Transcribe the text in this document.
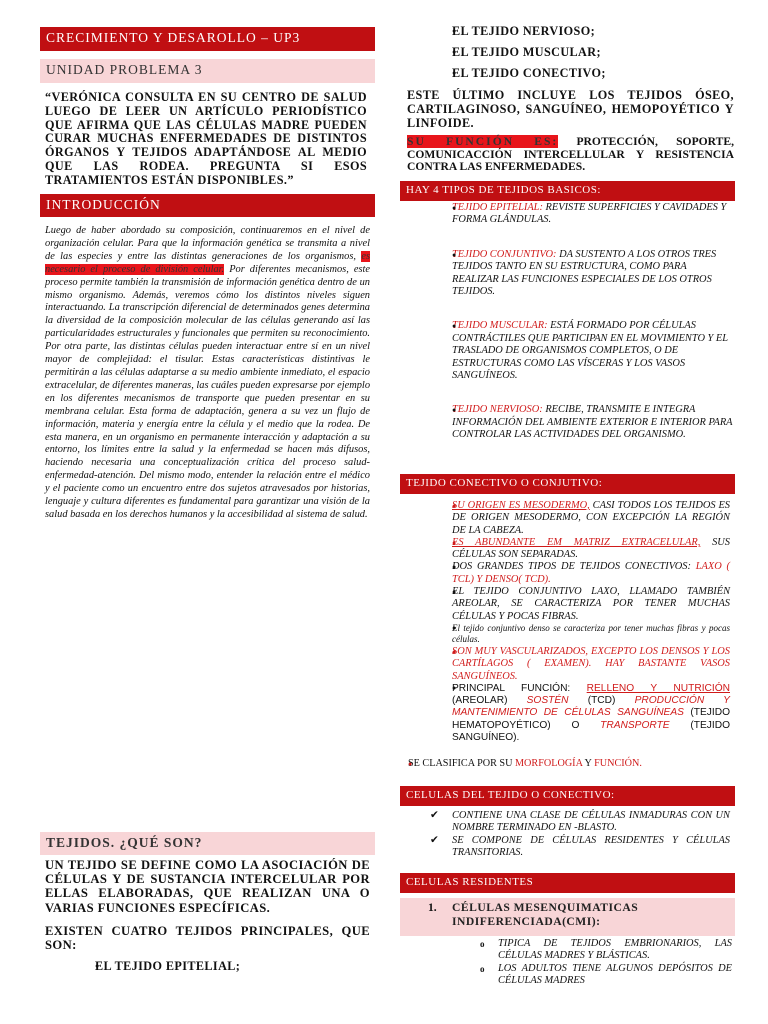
CRECIMIENTO Y DESAROLLO – UP3
UNIDAD PROBLEMA 3
“VERÓNICA CONSULTA EN SU CENTRO DE SALUD LUEGO DE LEER UN ARTÍCULO PERIODÍSTICO QUE AFIRMA QUE LAS CÉLULAS MADRE PUEDEN CURAR MUCHAS ENFERMEDADES DE DISTINTOS ÓRGANOS Y TEJIDOS ADAPTÁNDOSE AL MEDIO QUE LAS RODEA. PREGUNTA SI ESOS TRATAMIENTOS ESTÁN DISPONIBLES.”
INTRODUCCIÓN

Luego de haber abordado su composición, continuaremos en el nivel de organización celular. Para que la información genética se transmita a nivel de las especies y entre las distintas generaciones de los organismos, es necesario el proceso de división celular. Por diferentes mecanismos, este proceso permite también la transmisión de información genética dentro de un mismo organismo. Además, veremos cómo los distintos niveles siguen interactuando. La transcripción diferencial de determinados genes determina la diversidad de la composición molecular de las células generando así las particularidades estructurales y funcionales que permiten su reconocimiento. Por otra parte, las distintas células pueden interactuar entre sí en un nivel mayor de complejidad: el tisular. Estas características distintivas le permitirán a las células adaptarse a su medio ambiente inmediato, el espacio extracelular, de diferentes maneras, las cuáles pueden expresarse por ejemplo en los diferentes mecanismos de transporte que pueden presentar en su membrana celular. Esta forma de adaptación, genera a su vez un flujo de información, materia y energía entre la célula y el medio que la rodea. De esta manera, en un organismo en permanente interacción y adaptación a su entorno, los límites entre la salud y la enfermedad se hacen más difusos, haciendo necesaria una conceptualización crítica del proceso salud-enfermedad-atención. Del mismo modo, entender la relación entre el médico y el paciente como un encuentro entre dos sujetos atravesados por historias, lenguaje y cultura diferentes es fundamental para garantizar una visión de la salud basada en los derechos humanos y la accesibilidad al sistema de salud.

TEJIDOS. ¿QUÉ SON?
UN TEJIDO SE DEFINE COMO LA ASOCIACIÓN DE CÉLULAS Y DE SUSTANCIA INTERCELULAR POR ELLAS ELABORADAS, QUE REALIZAN UNA O VARIAS FUNCIONES ESPECÍFICAS.
EXISTEN CUATRO TEJIDOS PRINCIPALES, QUE SON:
● EL TEJIDO EPITELIAL;
● EL TEJIDO NERVIOSO;
● EL TEJIDO MUSCULAR;
● EL TEJIDO CONECTIVO;
ESTE ÚLTIMO INCLUYE LOS TEJIDOS ÓSEO, CARTILAGINOSO, SANGUÍNEO, HEMOPOYÉTICO Y LINFOIDE.
SU FUNCIÓN ES: PROTECCIÓN, SOPORTE, COMUNICACCIÓN INTERCELLULAR Y RESISTENCIA CONTRA LAS ENFERMEDADES.
HAY 4 TIPOS DE TEJIDOS BASICOS:
● TEJIDO EPITELIAL: REVISTE SUPERFICIES Y CAVIDADES Y FORMA GLÁNDULAS.
● TEJIDO CONJUNTIVO: DA SUSTENTO A LOS OTROS TRES TEJIDOS TANTO EN SU ESTRUCTURA, COMO PARA REALIZAR LAS FUNCIONES ESPECIALES DE LOS OTROS TEJIDOS.
● TEJIDO MUSCULAR: ESTÁ FORMADO POR CÉLULAS CONTRÁCTILES QUE PARTICIPAN EN EL MOVIMIENTO Y EL TRASLADO DE ORGANISMOS COMPLETOS, O DE ESTRUCTURAS COMO LAS VÍSCERAS Y LOS VASOS SANGUÍNEOS.
● TEJIDO NERVIOSO: RECIBE, TRANSMITE E INTEGRA INFORMACIÓN DEL AMBIENTE EXTERIOR E INTERIOR PARA CONTROLAR LAS ACTIVIDADES DEL ORGANISMO.
TEJIDO CONECTIVO O CONJUTIVO:
● SU ORIGEN ES MESODERMO, CASI TODOS LOS TEJIDOS ES DE ORIGEN MESODERMO, CON EXCEPCIÓN LA REGIÓN DE LA CABEZA.
● ES ABUNDANTE EM MATRIZ EXTRACELULAR, SUS CÉLULAS SON SEPARADAS.
● DOS GRANDES TIPOS DE TEJIDOS CONECTIVOS: LAXO ( TCL) Y DENSO( TCD).
● EL TEJIDO CONJUNTIVO LAXO, LLAMADO TAMBIÉN AREOLAR, SE CARACTERIZA POR TENER MUCHAS CÉLULAS Y POCAS FIBRAS.
● El tejido conjuntivo denso se caracteriza por tener muchas fibras y pocas células.
● SON MUY VASCULARIZADOS, EXCEPTO LOS DENSOS Y LOS CARTÍLAGOS ( EXAMEN). HAY BASTANTE VASOS SANGUÍNEOS.
● PRINCIPAL FUNCIÓN: RELLENO Y NUTRICIÓN (AREOLAR) SOSTÉN (TCD) PRODUCCIÓN Y MANTENIMIENTO DE CÉLULAS SANGUÍNEAS (TEJIDO HEMATOPOYÉTICO) O TRANSPORTE (TEJIDO SANGUÍNEO).
● SE CLASIFICA POR SU MORFOLOGÍA Y FUNCIÓN.
CELULAS DEL TEJIDO O CONECTIVO:
✔ CONTIENE UNA CLASE DE CÉLULAS INMADURAS CON UN NOMBRE TERMINADO EN -BLASTO.
✔ SE COMPONE DE CÉLULAS RESIDENTES Y CÉLULAS TRANSITORIAS.
CELULAS RESIDENTES
1. CÉLULAS MESENQUIMATICAS INDIFERENCIADA(CMI):
o TIPICA DE TEJIDOS EMBRIONARIOS, LAS CÉLULAS MADRES Y BLÁSTICAS.
o LOS ADULTOS TIENE ALGUNOS DEPÓSITOS DE CÉLULAS MADRES
